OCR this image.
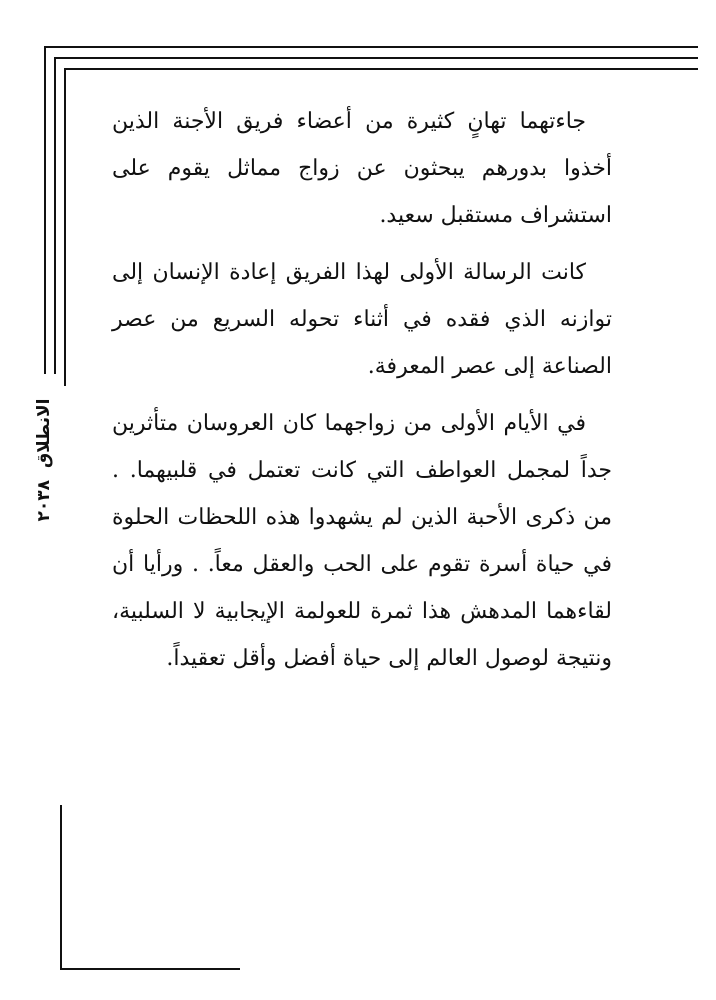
الانطلاق ٢٠٣٨

جاءتهما تهانٍ كثيرة من أعضاء فريق الأجنة الذين أخذوا بدورهم يبحثون عن زواج مماثل يقوم على استشراف مستقبل سعيد.

كانت الرسالة الأولى لهذا الفريق إعادة الإنسان إلى توازنه الذي فقده في أثناء تحوله السريع من عصر الصناعة إلى عصر المعرفة.

في الأيام الأولى من زواجهما كان العروسان متأثرين جداً لمجمل العواطف التي كانت تعتمل في قلبيهما. . من ذكرى الأحبة الذين لم يشهدوا هذه اللحظات الحلوة في حياة أسرة تقوم على الحب والعقل معاً. . ورأيا أن لقاءهما المدهش هذا ثمرة للعولمة الإيجابية لا السلبية، ونتيجة لوصول العالم إلى حياة أفضل وأقل تعقيداً.
